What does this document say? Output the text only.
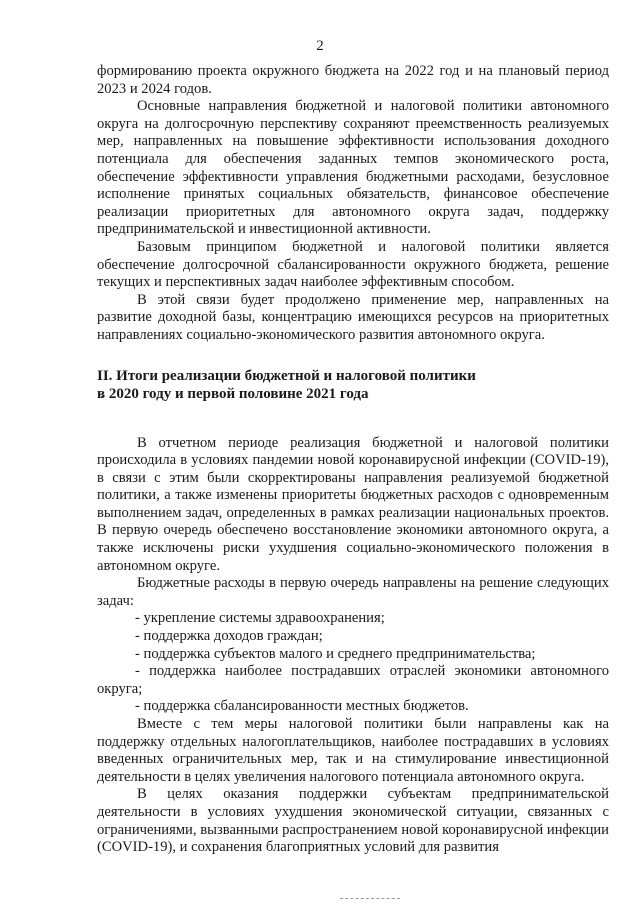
2

формированию проекта окружного бюджета на 2022 год и на плановый период 2023 и 2024 годов.

Основные направления бюджетной и налоговой политики автономного округа на долгосрочную перспективу сохраняют преемственность реализуемых мер, направленных на повышение эффективности использования доходного потенциала для обеспечения заданных темпов экономического роста, обеспечение эффективности управления бюджетными расходами, безусловное исполнение принятых социальных обязательств, финансовое обеспечение реализации приоритетных для автономного округа задач, поддержку предпринимательской и инвестиционной активности.

Базовым принципом бюджетной и налоговой политики является обеспечение долгосрочной сбалансированности окружного бюджета, решение текущих и перспективных задач наиболее эффективным способом.

В этой связи будет продолжено применение мер, направленных на развитие доходной базы, концентрацию имеющихся ресурсов на приоритетных направлениях социально-экономического развития автономного округа.

II. Итоги реализации бюджетной и налоговой политики

в 2020 году и первой половине 2021 года

В отчетном периоде реализация бюджетной и налоговой политики происходила в условиях пандемии новой коронавирусной инфекции (COVID-19), в связи с этим были скорректированы направления реализуемой бюджетной политики, а также изменены приоритеты бюджетных расходов с одновременным выполнением задач, определенных в рамках реализации национальных проектов. В первую очередь обеспечено восстановление экономики автономного округа, а также исключены риски ухудшения социально-экономического положения в автономном округе.

Бюджетные расходы в первую очередь направлены на решение следующих задач:

- укрепление системы здравоохранения;

- поддержка доходов граждан;

- поддержка субъектов малого и среднего предпринимательства;

- поддержка наиболее пострадавших отраслей экономики автономного округа;

- поддержка сбалансированности местных бюджетов.

Вместе с тем меры налоговой политики были направлены как на поддержку отдельных налогоплательщиков, наиболее пострадавших в условиях введенных ограничительных мер, так и на стимулирование инвестиционной деятельности в целях увеличения налогового потенциала автономного округа.

В целях оказания поддержки субъектам предпринимательской деятельности в условиях ухудшения экономической ситуации, связанных с ограничениями, вызванными распространением новой коронавирусной инфекции (COVID-19), и сохранения благоприятных условий для развития
